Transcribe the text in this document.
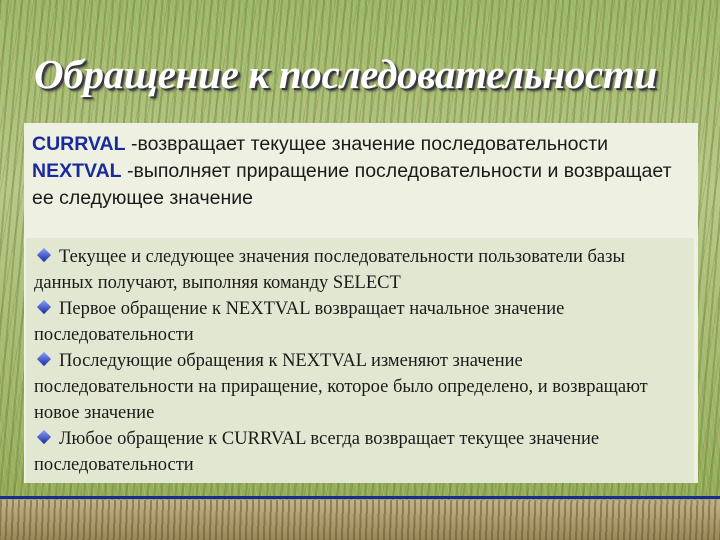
Обращение к последовательности
CURRVAL -возвращает текущее значение последовательности
NEXTVAL -выполняет приращение последовательности и возвращает ее следующее значение

Текущее и следующее значения последовательности пользователи базы данных получают, выполняя команду SELECT

Первое обращение к NEXTVAL возвращает начальное значение последовательности

Последующие обращения к NEXTVAL изменяют значение последовательности на приращение, которое было определено, и возвращают новое значение

Любое обращение к CURRVAL всегда возвращает текущее значение последовательности
